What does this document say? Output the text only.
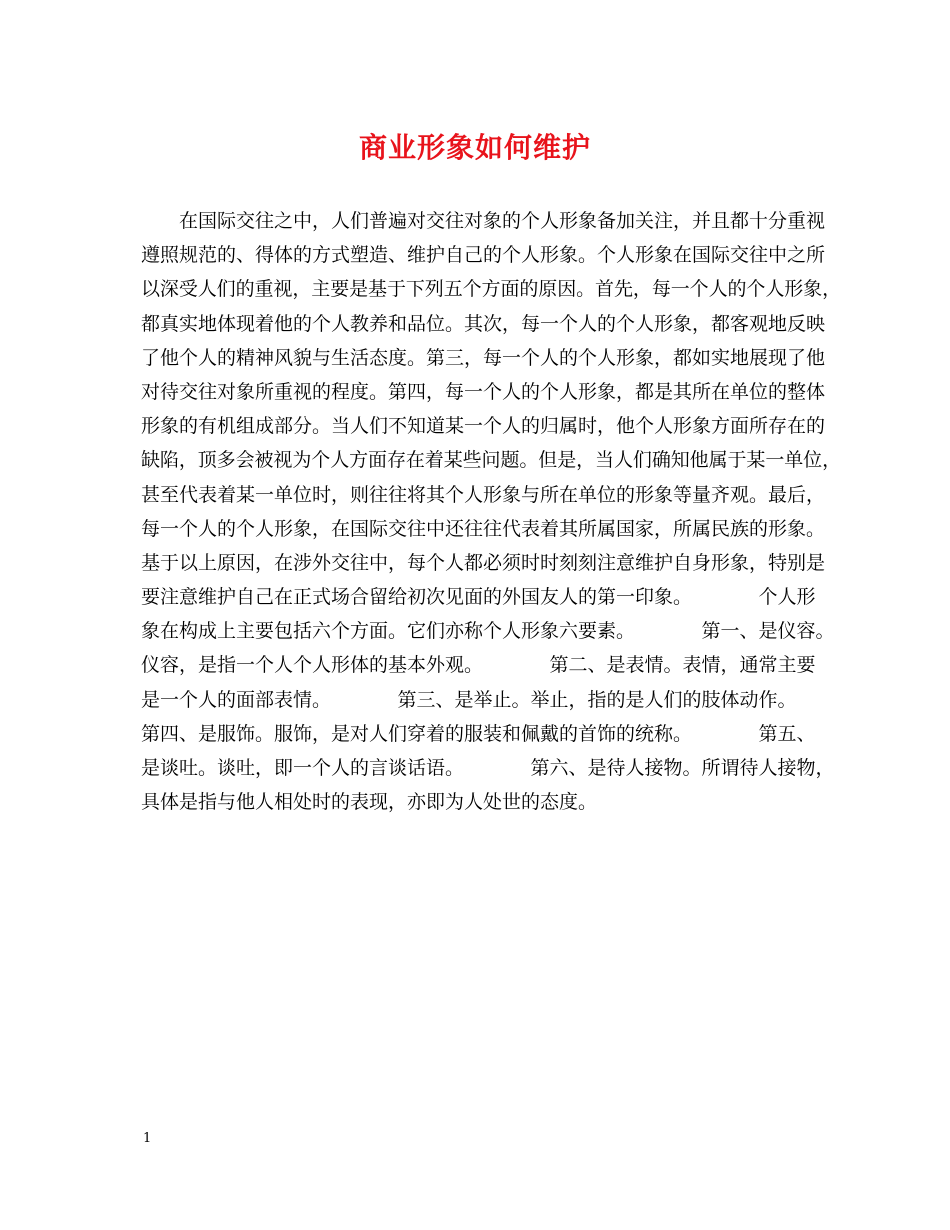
商业形象如何维护
在国际交往之中，人们普遍对交往对象的个人形象备加关注，并且都十分重视
遵照规范的、得体的方式塑造、维护自己的个人形象。个人形象在国际交往中之所
以深受人们的重视，主要是基于下列五个方面的原因。首先，每一个人的个人形象，
都真实地体现着他的个人教养和品位。其次，每一个人的个人形象，都客观地反映
了他个人的精神风貌与生活态度。第三，每一个人的个人形象，都如实地展现了他
对待交往对象所重视的程度。第四，每一个人的个人形象，都是其所在单位的整体
形象的有机组成部分。当人们不知道某一个人的归属时，他个人形象方面所存在的
缺陷，顶多会被视为个人方面存在着某些问题。但是，当人们确知他属于某一单位，
甚至代表着某一单位时，则往往将其个人形象与所在单位的形象等量齐观。最后，
每一个人的个人形象，在国际交往中还往往代表着其所属国家，所属民族的形象。
基于以上原因，在涉外交往中，每个人都必须时时刻刻注意维护自身形象，特别是
要注意维护自己在正式场合留给初次见面的外国友人的第一印象。　　　　个人形
象在构成上主要包括六个方面。它们亦称个人形象六要素。　　　　第一、是仪容。
仪容，是指一个人个人形体的基本外观。　　　　第二、是表情。表情，通常主要
是一个人的面部表情。　　　　第三、是举止。举止，指的是人们的肢体动作。
第四、是服饰。服饰，是对人们穿着的服装和佩戴的首饰的统称。　　　　第五、
是谈吐。谈吐，即一个人的言谈话语。　　　　第六、是待人接物。所谓待人接物，
具体是指与他人相处时的表现，亦即为人处世的态度。
1
